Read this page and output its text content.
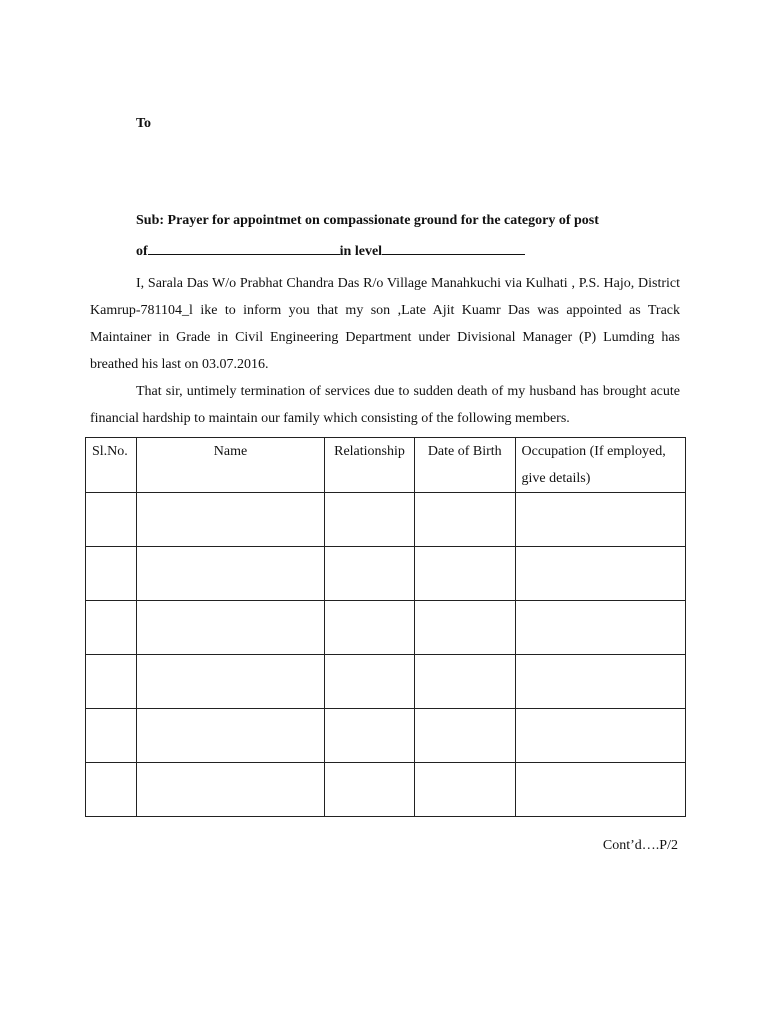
To
Sub: Prayer for appointmet on compassionate ground for the category of post
of	in level
I, Sarala Das W/o Prabhat Chandra Das R/o Village Manahkuchi via Kulhati , P.S. Hajo, District Kamrup-781104_l ike to inform you that my son ,Late Ajit Kuamr Das was appointed as Track Maintainer in Grade in Civil Engineering Department under Divisional Manager (P) Lumding has breathed his last on 03.07.2016.
That sir, untimely termination of services due to sudden death of my husband has brought acute financial hardship to maintain our family which consisting of the following members.
Sl.No.	Name	Relationship	Date of Birth	Occupation (If employed,
give details)

Cont’d….P/2
